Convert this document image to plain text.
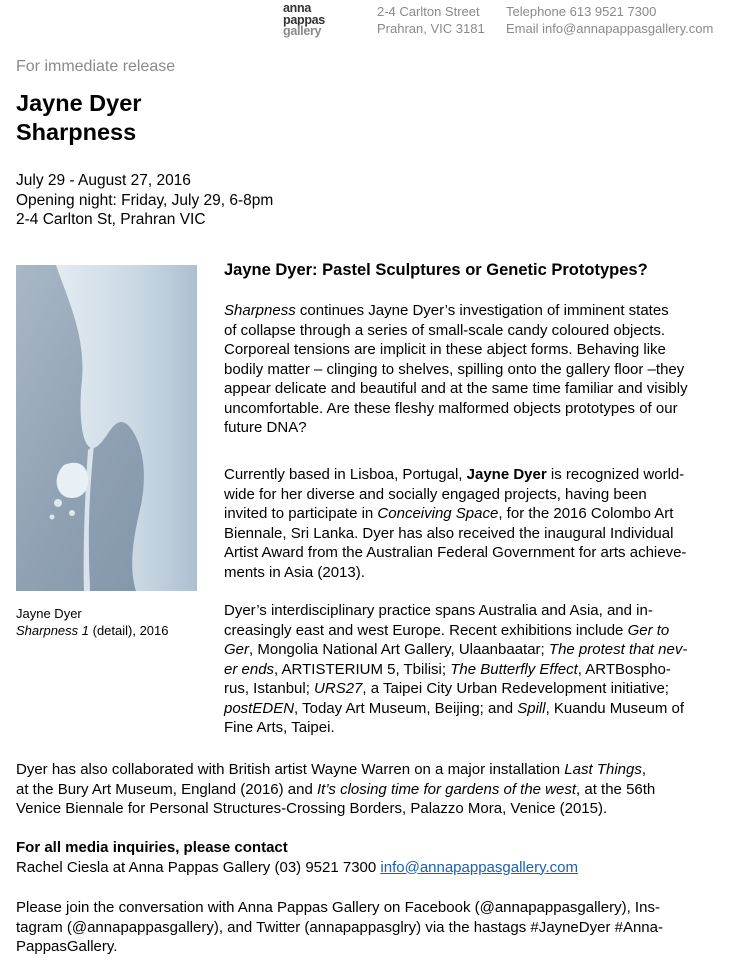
anna
pappas
gallery
2-4 Carlton Street
Prahran, VIC 3181
Telephone 613 9521 7300
Email info@annapappasgallery.com
For immediate release
Jayne Dyer
Sharpness
July 29 - August 27, 2016
Opening night: Friday, July 29, 6-8pm
2-4 Carlton St, Prahran VIC
Jayne Dyer
Sharpness 1 (detail), 2016
Jayne Dyer: Pastel Sculptures or Genetic Prototypes?
Sharpness continues Jayne Dyer’s investigation of imminent states
of collapse through a series of small-scale candy coloured objects.
Corporeal tensions are implicit in these abject forms. Behaving like
bodily matter – clinging to shelves, spilling onto the gallery floor –they
appear delicate and beautiful and at the same time familiar and visibly
uncomfortable. Are these fleshy malformed objects prototypes of our
future DNA?
Currently based in Lisboa, Portugal, Jayne Dyer is recognized world-
wide for her diverse and socially engaged projects, having been
invited to participate in Conceiving Space, for the 2016 Colombo Art
Biennale, Sri Lanka. Dyer has also received the inaugural Individual
Artist Award from the Australian Federal Government for arts achieve-
ments in Asia (2013).
Dyer’s interdisciplinary practice spans Australia and Asia, and in-
creasingly east and west Europe. Recent exhibitions include Ger to
Ger, Mongolia National Art Gallery, Ulaanbaatar; The protest that nev-
er ends, ARTISTERIUM 5, Tbilisi; The Butterfly Effect, ARTBospho-
rus, Istanbul; URS27, a Taipei City Urban Redevelopment initiative;
postEDEN, Today Art Museum, Beijing; and Spill, Kuandu Museum of
Fine Arts, Taipei.
Dyer has also collaborated with British artist Wayne Warren on a major installation Last Things,
at the Bury Art Museum, England (2016) and It’s closing time for gardens of the west, at the 56th
Venice Biennale for Personal Structures-Crossing Borders, Palazzo Mora, Venice (2015).
For all media inquiries, please contact
Rachel Ciesla at Anna Pappas Gallery (03) 9521 7300 info@annapappasgallery.com
Please join the conversation with Anna Pappas Gallery on Facebook (@annapappasgallery), Ins-
tagram (@annapappasgallery), and Twitter (annapappasglry) via the hastags #JayneDyer #Anna-
PappasGallery.
